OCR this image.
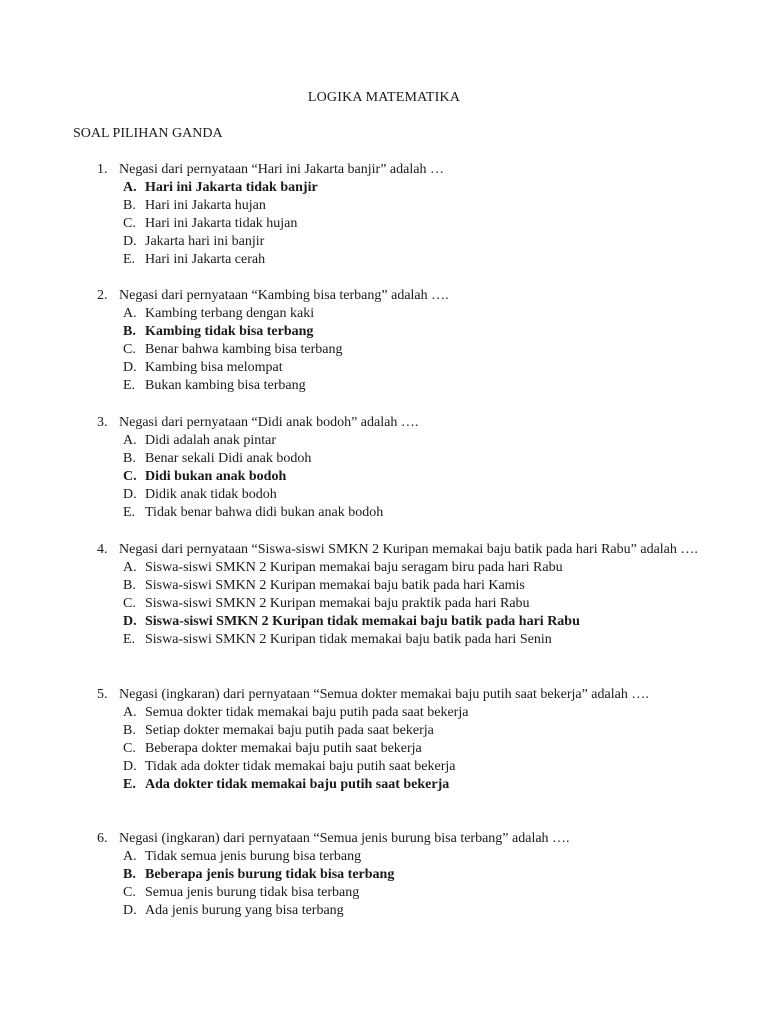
LOGIKA MATEMATIKA
SOAL PILIHAN GANDA
1. Negasi dari pernyataan “Hari ini Jakarta banjir” adalah …
A. Hari ini Jakarta tidak banjir
B. Hari ini Jakarta hujan
C. Hari ini Jakarta tidak hujan
D. Jakarta hari ini banjir
E. Hari ini Jakarta cerah
2. Negasi dari pernyataan “Kambing bisa terbang” adalah ….
A. Kambing terbang dengan kaki
B. Kambing tidak bisa terbang
C. Benar bahwa kambing bisa terbang
D. Kambing bisa melompat
E. Bukan kambing bisa terbang
3. Negasi dari pernyataan “Didi anak bodoh” adalah ….
A. Didi adalah anak pintar
B. Benar sekali Didi anak bodoh
C. Didi bukan anak bodoh
D. Didik anak tidak bodoh
E. Tidak benar bahwa didi bukan anak bodoh
4. Negasi dari pernyataan “Siswa-siswi SMKN 2 Kuripan memakai baju batik pada hari Rabu” adalah ….
A. Siswa-siswi SMKN 2 Kuripan memakai baju seragam biru pada hari Rabu
B. Siswa-siswi SMKN 2 Kuripan memakai baju batik pada hari Kamis
C. Siswa-siswi SMKN 2 Kuripan memakai baju praktik pada hari Rabu
D. Siswa-siswi SMKN 2 Kuripan tidak memakai baju batik pada hari Rabu
E. Siswa-siswi SMKN 2 Kuripan tidak memakai baju batik pada hari Senin
5. Negasi (ingkaran) dari pernyataan “Semua dokter memakai baju putih saat bekerja” adalah ….
A. Semua dokter tidak memakai baju putih pada saat bekerja
B. Setiap dokter memakai baju putih pada saat bekerja
C. Beberapa dokter memakai baju putih saat bekerja
D. Tidak ada dokter tidak memakai baju putih saat bekerja
E. Ada dokter tidak memakai baju putih saat bekerja
6. Negasi (ingkaran) dari pernyataan “Semua jenis burung bisa terbang” adalah ….
A. Tidak semua jenis burung bisa terbang
B. Beberapa jenis burung tidak bisa terbang
C. Semua jenis burung tidak bisa terbang
D. Ada jenis burung yang bisa terbang
